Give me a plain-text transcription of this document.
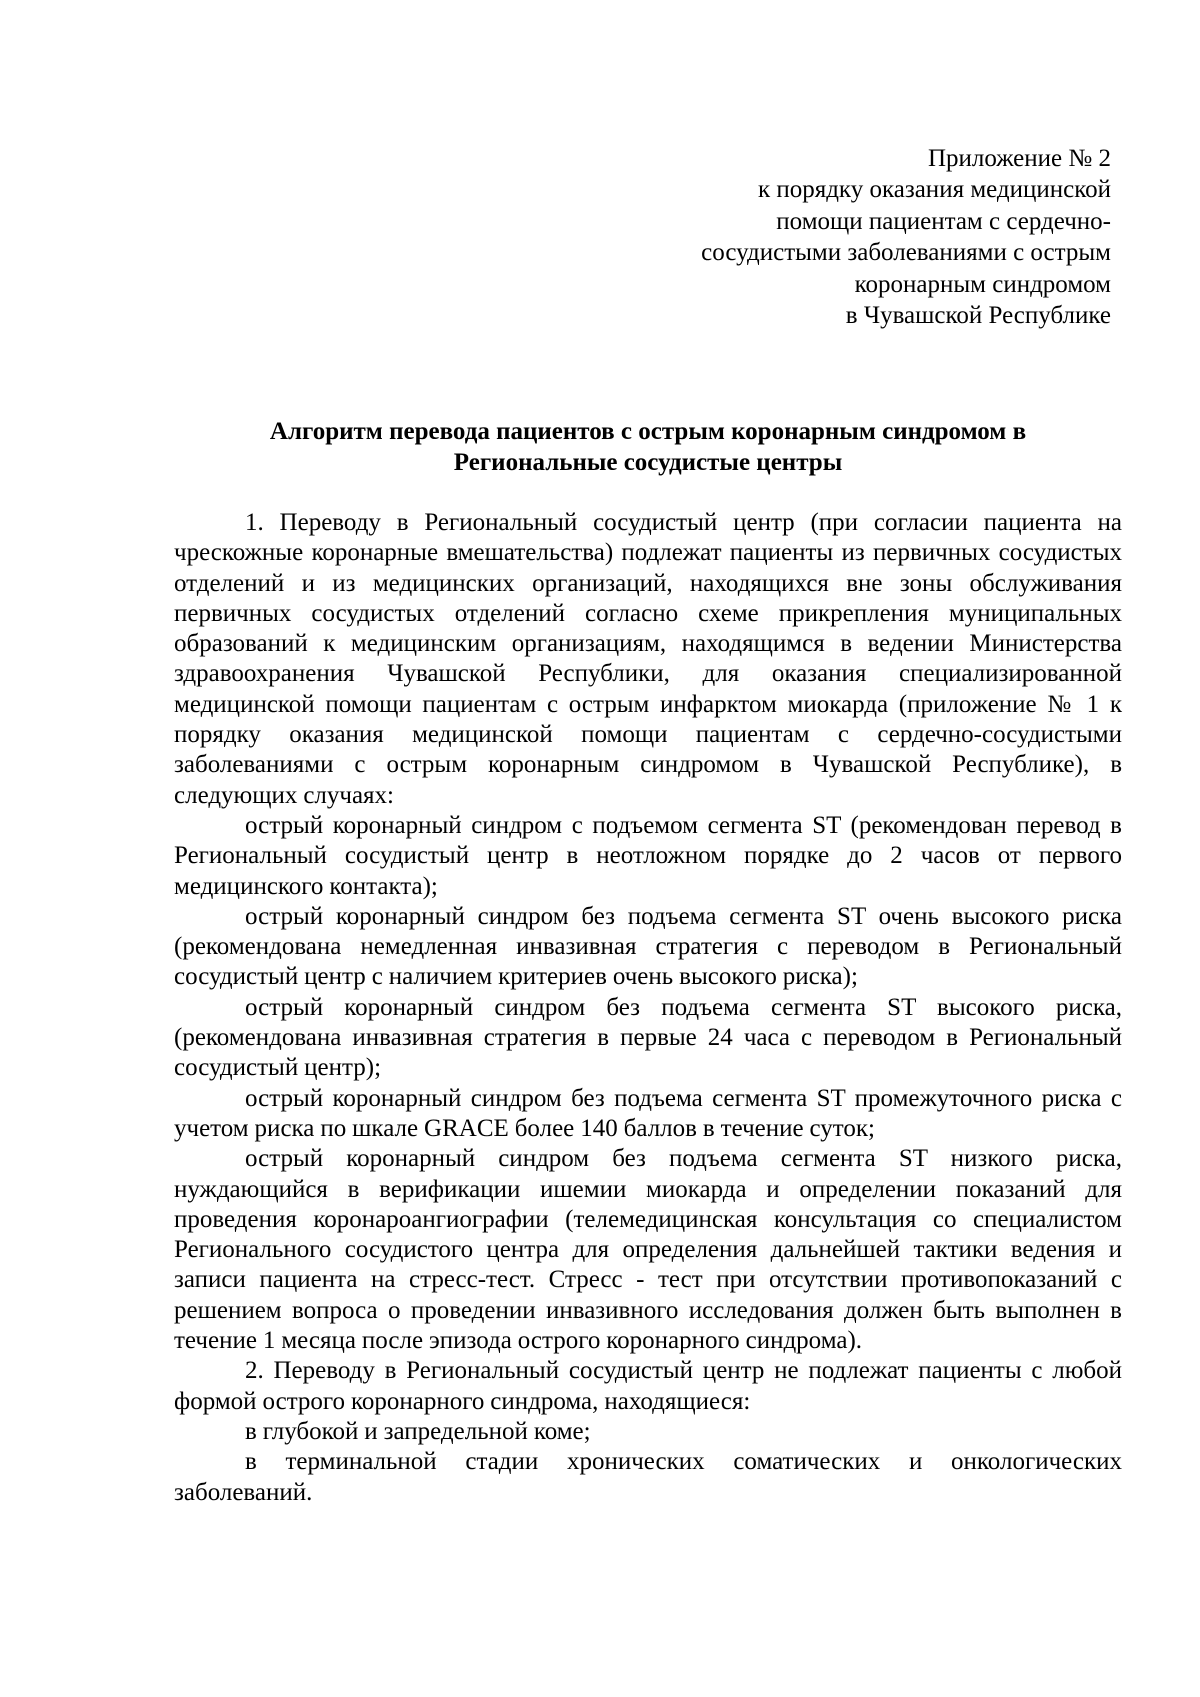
Приложение № 2
к порядку оказания медицинской
помощи пациентам с сердечно-
сосудистыми заболеваниями с острым
коронарным синдромом
в Чувашской Республике
Алгоритм перевода пациентов с острым коронарным синдромом в
Региональные сосудистые центры

1. Переводу в Региональный сосудистый центр (при согласии пациента на чрескожные коронарные вмешательства) подлежат пациенты из первичных сосудистых отделений и из медицинских организаций, находящихся вне зоны обслуживания первичных сосудистых отделений согласно схеме прикрепления муниципальных образований к медицинским организациям, находящимся в ведении Министерства здравоохранения Чувашской Республики, для оказания специализированной медицинской помощи пациентам с острым инфарктом миокарда (приложение № 1 к порядку оказания медицинской помощи пациентам с сердечно-сосудистыми заболеваниями с острым коронарным синдромом в Чувашской Республике), в следующих случаях:

острый коронарный синдром с подъемом сегмента ST (рекомендован перевод в Региональный сосудистый центр в неотложном порядке до 2 часов от первого медицинского контакта);

острый коронарный синдром без подъема сегмента ST очень высокого риска (рекомендована немедленная инвазивная стратегия с переводом в Региональный сосудистый центр с наличием критериев очень высокого риска);

острый коронарный синдром без подъема сегмента ST высокого риска, (рекомендована инвазивная стратегия в первые 24 часа с переводом в Региональный сосудистый центр);

острый коронарный синдром без подъема сегмента ST промежуточного риска с учетом риска по шкале GRACE более 140 баллов в течение суток;

острый коронарный синдром без подъема сегмента ST низкого риска, нуждающийся в верификации ишемии миокарда и определении показаний для проведения коронароангиографии (телемедицинская консультация со специалистом Регионального сосудистого центра для определения дальнейшей тактики ведения и записи пациента на стресс-тест. Стресс - тест при отсутствии противопоказаний с решением вопроса о проведении инвазивного исследования должен быть выполнен в течение 1 месяца после эпизода острого коронарного синдрома).

2. Переводу в Региональный сосудистый центр не подлежат пациенты с любой формой острого коронарного синдрома, находящиеся:

в глубокой и запредельной коме;

в терминальной стадии хронических соматических и онкологических заболеваний.
